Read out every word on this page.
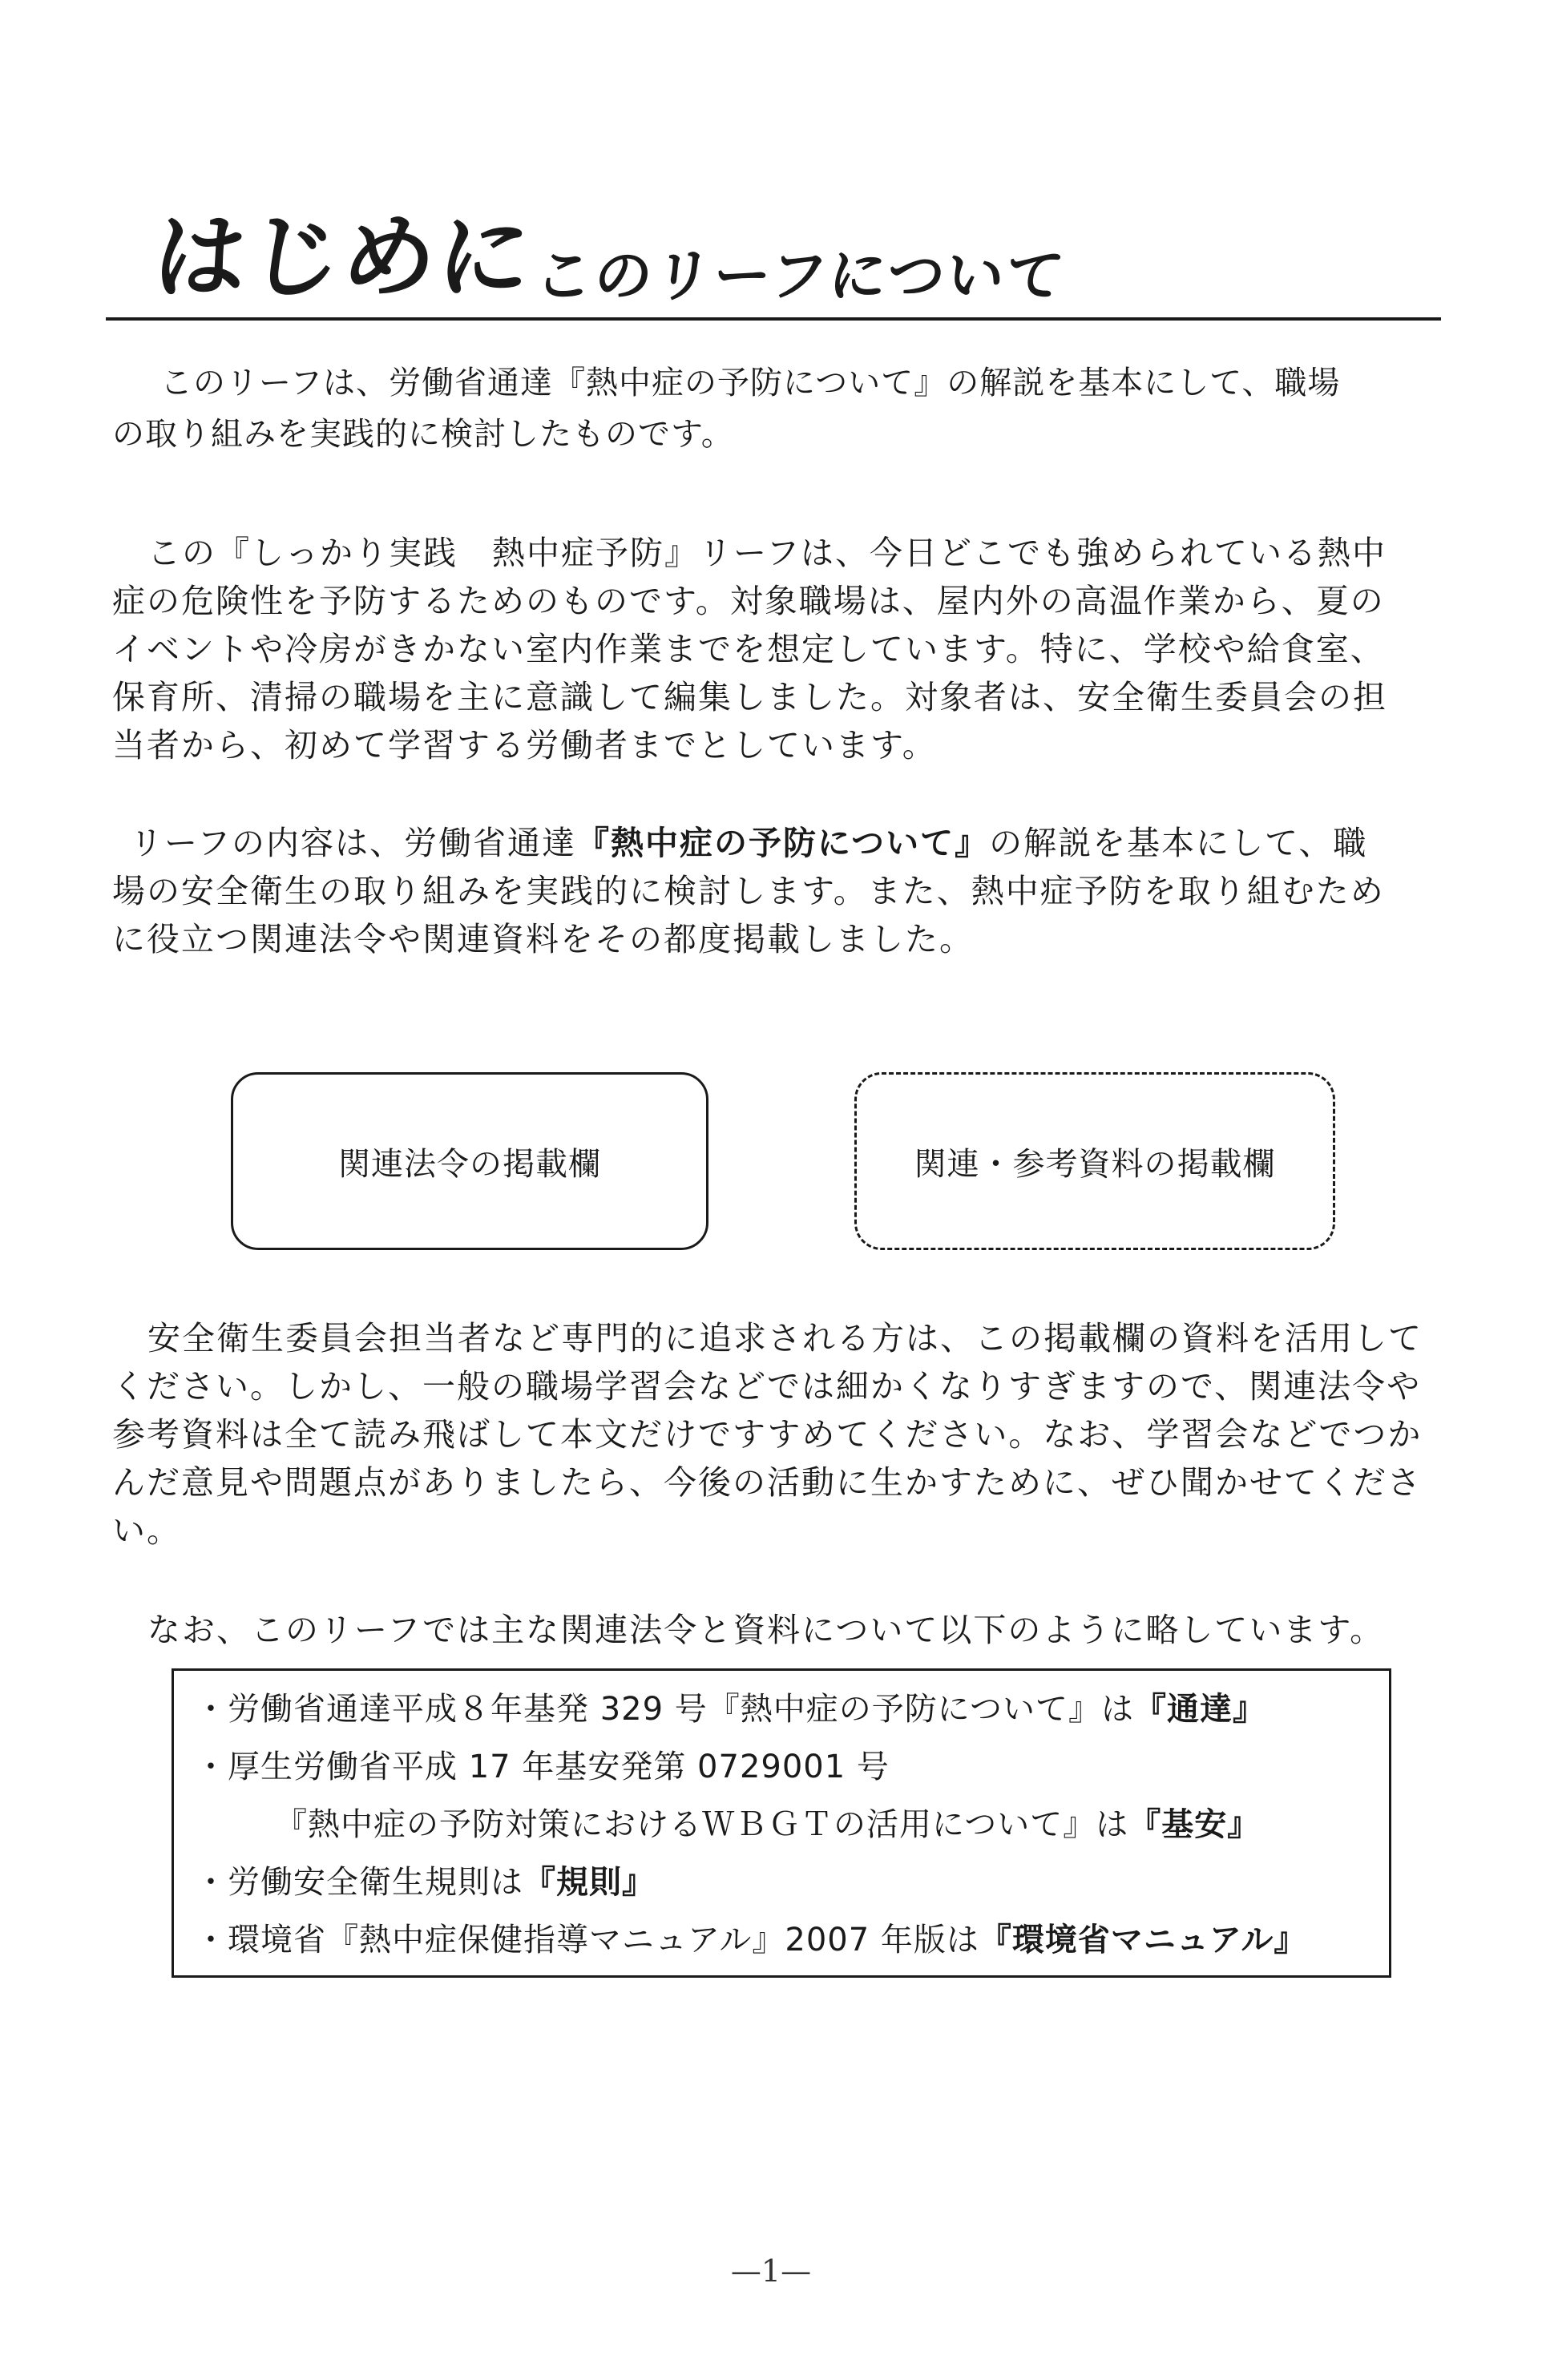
はじめに
このリーフについて

このリーフは、労働省通達『熱中症の予防について』の解説を基本にして、職場
の取り組みを実践的に検討したものです。

この『しっかり実践　熱中症予防』リーフは、今日どこでも強められている熱中
症の危険性を予防するためのものです。対象職場は、屋内外の高温作業から、夏の
イベントや冷房がきかない室内作業までを想定しています。特に、学校や給食室、
保育所、清掃の職場を主に意識して編集しました。対象者は、安全衛生委員会の担
当者から、初めて学習する労働者までとしています。

リーフの内容は、労働省通達『熱中症の予防について』の解説を基本にして、職
場の安全衛生の取り組みを実践的に検討します。また、熱中症予防を取り組むため
に役立つ関連法令や関連資料をその都度掲載しました。

関連法令の掲載欄	関連・参考資料の掲載欄

安全衛生委員会担当者など専門的に追求される方は、この掲載欄の資料を活用して
ください。しかし、一般の職場学習会などでは細かくなりすぎますので、関連法令や
参考資料は全て読み飛ばして本文だけですすめてください。なお、学習会などでつか
んだ意見や問題点がありましたら、今後の活動に生かすために、ぜひ聞かせてくださ
い。

なお、このリーフでは主な関連法令と資料について以下のように略しています。

・労働省通達平成８年基発 329 号『熱中症の予防について』は『通達』
・厚生労働省平成 17 年基安発第 0729001 号
『熱中症の予防対策におけるＷＢＧＴの活用について』は『基安』
・労働安全衛生規則は『規則』
・環境省『熱中症保健指導マニュアル』2007 年版は『環境省マニュアル』
—1—
